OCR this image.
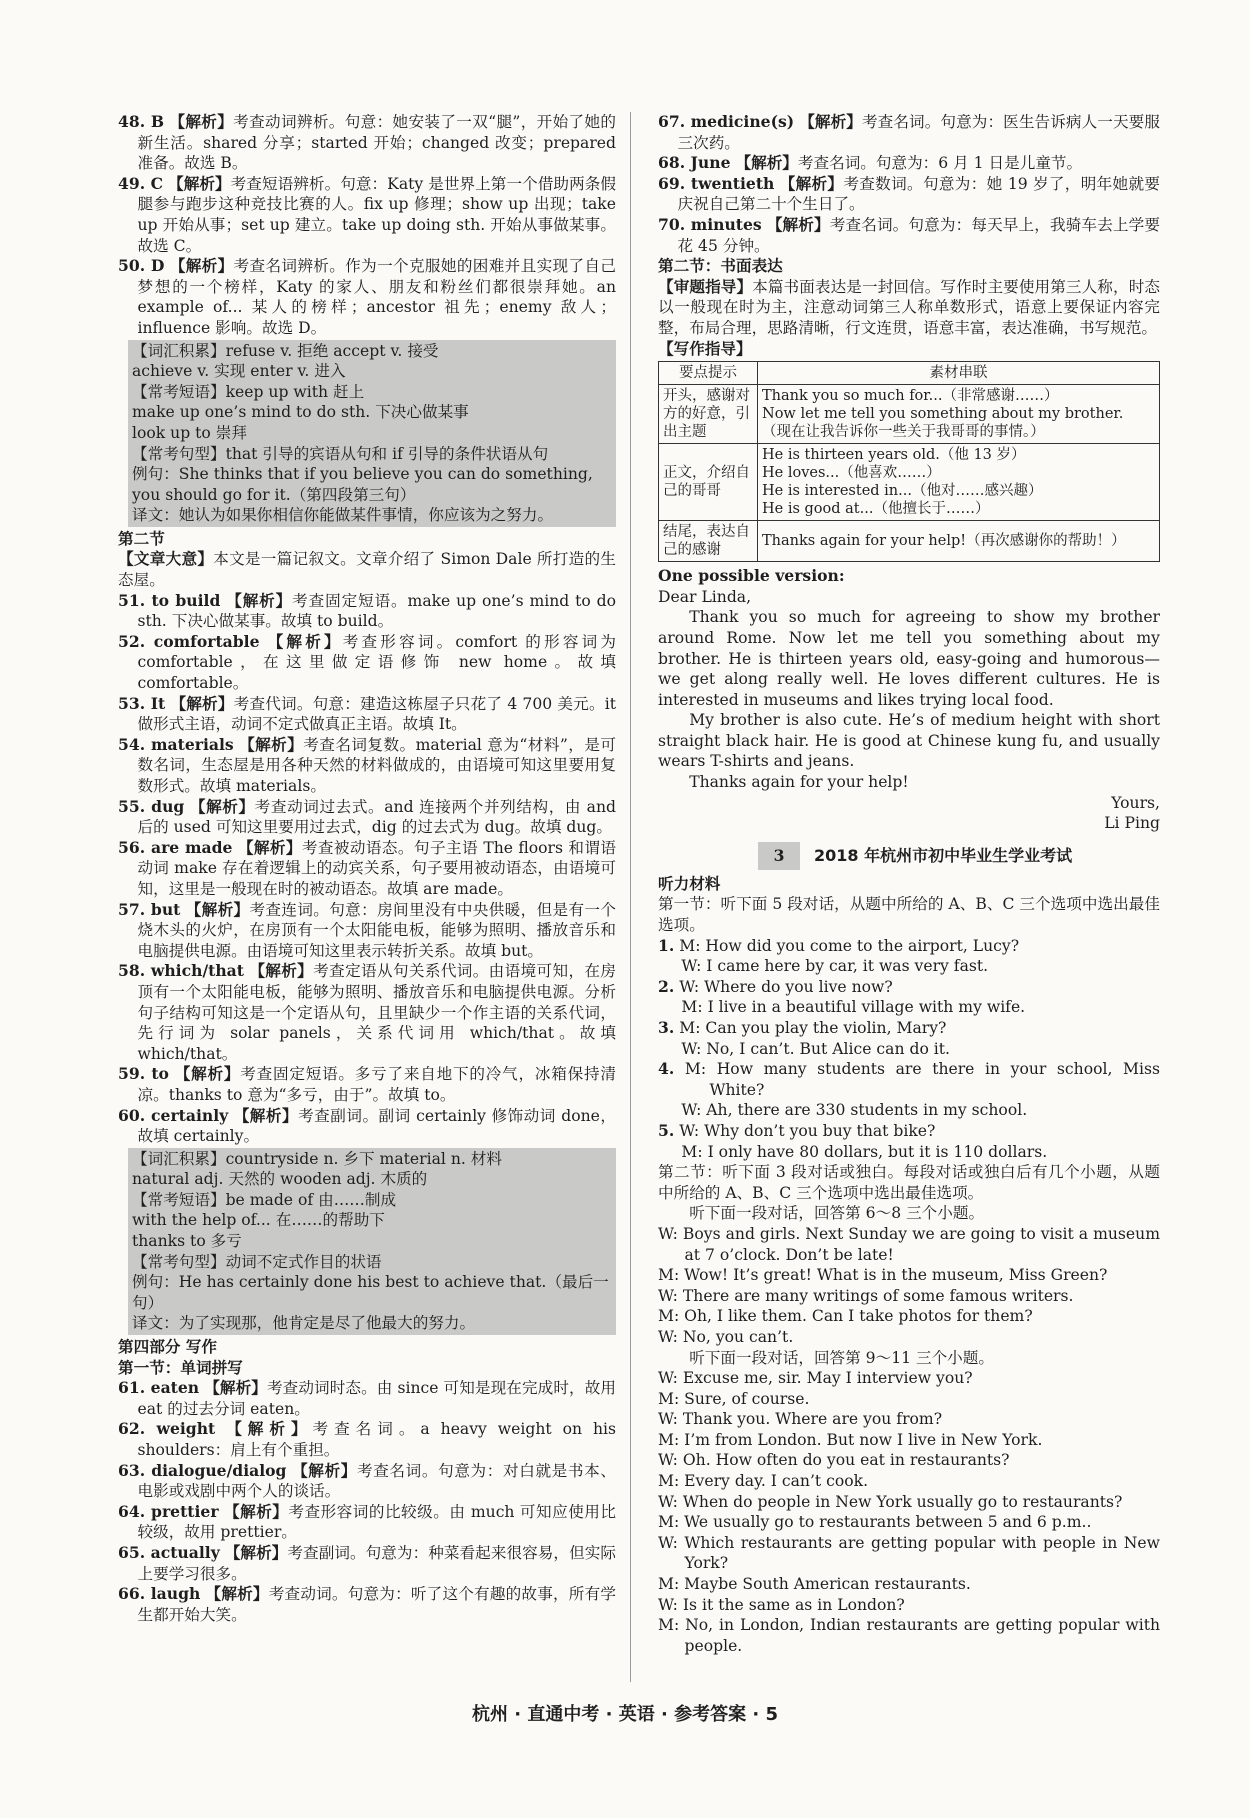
48. B 【解析】考查动词辨析。句意：她安装了一双“腿”，开始了她的新生活。shared 分享；started 开始；changed 改变；prepared 准备。故选 B。

49. C 【解析】考查短语辨析。句意：Katy 是世界上第一个借助两条假腿参与跑步这种竞技比赛的人。fix up 修理；show up 出现；take up 开始从事；set up 建立。take up doing sth. 开始从事做某事。故选 C。

50. D 【解析】考查名词辨析。作为一个克服她的困难并且实现了自己梦想的一个榜样，Katy 的家人、朋友和粉丝们都很崇拜她。an example of... 某人的榜样；ancestor 祖先；enemy 敌人；influence 影响。故选 D。

【词汇积累】refuse v. 拒绝 accept v. 接受

achieve v. 实现 enter v. 进入

【常考短语】keep up with 赶上

make up one’s mind to do sth. 下决心做某事

look up to 崇拜

【常考句型】that 引导的宾语从句和 if 引导的条件状语从句

例句：She thinks that if you believe you can do something, you should go for it.（第四段第三句）

译文：她认为如果你相信你能做某件事情，你应该为之努力。

第二节

【文章大意】本文是一篇记叙文。文章介绍了 Simon Dale 所打造的生态屋。

51. to build 【解析】考查固定短语。make up one’s mind to do sth. 下决心做某事。故填 to build。

52. comfortable 【解析】考查形容词。comfort 的形容词为 comfortable，在这里做定语修饰 new home。故填 comfortable。

53. It 【解析】考查代词。句意：建造这栋屋子只花了 4 700 美元。it 做形式主语，动词不定式做真正主语。故填 It。

54. materials 【解析】考查名词复数。material 意为“材料”，是可数名词，生态屋是用各种天然的材料做成的，由语境可知这里要用复数形式。故填 materials。

55. dug 【解析】考查动词过去式。and 连接两个并列结构，由 and 后的 used 可知这里要用过去式，dig 的过去式为 dug。故填 dug。

56. are made 【解析】考查被动语态。句子主语 The floors 和谓语动词 make 存在着逻辑上的动宾关系，句子要用被动语态，由语境可知，这里是一般现在时的被动语态。故填 are made。

57. but 【解析】考查连词。句意：房间里没有中央供暖，但是有一个烧木头的火炉，在房顶有一个太阳能电板，能够为照明、播放音乐和电脑提供电源。由语境可知这里表示转折关系。故填 but。

58. which/that 【解析】考查定语从句关系代词。由语境可知，在房顶有一个太阳能电板，能够为照明、播放音乐和电脑提供电源。分析句子结构可知这是一个定语从句，且里缺少一个作主语的关系代词，先行词为 solar panels，关系代词用 which/that。故填 which/that。

59. to 【解析】考查固定短语。多亏了来自地下的冷气，冰箱保持清凉。thanks to 意为“多亏，由于”。故填 to。

60. certainly 【解析】考查副词。副词 certainly 修饰动词 done，故填 certainly。

【词汇积累】countryside n. 乡下 material n. 材料

natural adj. 天然的 wooden adj. 木质的

【常考短语】be made of 由……制成

with the help of... 在……的帮助下

thanks to 多亏

【常考句型】动词不定式作目的状语

例句：He has certainly done his best to achieve that.（最后一句）

译文：为了实现那，他肯定是尽了他最大的努力。

第四部分 写作

第一节：单词拼写

61. eaten 【解析】考查动词时态。由 since 可知是现在完成时，故用 eat 的过去分词 eaten。

62. weight 【解析】考查名词。a heavy weight on his shoulders：肩上有个重担。

63. dialogue/dialog 【解析】考查名词。句意为：对白就是书本、电影或戏剧中两个人的谈话。

64. prettier 【解析】考查形容词的比较级。由 much 可知应使用比较级，故用 prettier。

65. actually 【解析】考查副词。句意为：种菜看起来很容易，但实际上要学习很多。

66. laugh 【解析】考查动词。句意为：听了这个有趣的故事，所有学生都开始大笑。

67. medicine(s) 【解析】考查名词。句意为：医生告诉病人一天要服三次药。

68. June 【解析】考查名词。句意为：6 月 1 日是儿童节。

69. twentieth 【解析】考查数词。句意为：她 19 岁了，明年她就要庆祝自己第二十个生日了。

70. minutes 【解析】考查名词。句意为：每天早上，我骑车去上学要花 45 分钟。

第二节：书面表达

【审题指导】本篇书面表达是一封回信。写作时主要使用第三人称，时态以一般现在时为主，注意动词第三人称单数形式，语意上要保证内容完整，布局合理，思路清晰，行文连贯，语意丰富，表达准确，书写规范。

【写作指导】

要点提示	素材串联
开头，感谢对方的好意，引出主题	Thank you so much for...（非常感谢……）
Now let me tell you something about my brother.
（现在让我告诉你一些关于我哥哥的事情。）

正文，介绍自己的哥哥	He is thirteen years old.（他 13 岁）
He loves...（他喜欢……）
He is interested in...（他对……感兴趣）
He is good at...（他擅长于……）

结尾，表达自己的感谢	Thanks again for your help!（再次感谢你的帮助！）

One possible version:

Dear Linda,

Thank you so much for agreeing to show my brother around Rome. Now let me tell you something about my brother. He is thirteen years old, easy-going and humorous—we get along really well. He loves different cultures. He is interested in museums and likes trying local food.

My brother is also cute. He’s of medium height with short straight black hair. He is good at Chinese kung fu, and usually wears T-shirts and jeans.

Thanks again for your help!

Yours,

Li Ping

3	2018 年杭州市初中毕业生学业考试

听力材料

第一节：听下面 5 段对话，从题中所给的 A、B、C 三个选项中选出最佳选项。

1. M: How did you come to the airport, Lucy?

W: I came here by car, it was very fast.

2. W: Where do you live now?

M: I live in a beautiful village with my wife.

3. M: Can you play the violin, Mary?

W: No, I can’t. But Alice can do it.

4. M: How many students are there in your school, Miss White?

W: Ah, there are 330 students in my school.

5. W: Why don’t you buy that bike?

M: I only have 80 dollars, but it is 110 dollars.

第二节：听下面 3 段对话或独白。每段对话或独白后有几个小题，从题中所给的 A、B、C 三个选项中选出最佳选项。

听下面一段对话，回答第 6～8 三个小题。

W: Boys and girls. Next Sunday we are going to visit a museum at 7 o’clock. Don’t be late!

M: Wow! It’s great! What is in the museum, Miss Green?

W: There are many writings of some famous writers.

M: Oh, I like them. Can I take photos for them?

W: No, you can’t.

听下面一段对话，回答第 9～11 三个小题。

W: Excuse me, sir. May I interview you?

M: Sure, of course.

W: Thank you. Where are you from?

M: I’m from London. But now I live in New York.

W: Oh. How often do you eat in restaurants?

M: Every day. I can’t cook.

W: When do people in New York usually go to restaurants?

M: We usually go to restaurants between 5 and 6 p.m..

W: Which restaurants are getting popular with people in New York?

M: Maybe South American restaurants.

W: Is it the same as in London?

M: No, in London, Indian restaurants are getting popular with people.

杭州 · 直通中考 · 英语 · 参考答案 · 5
